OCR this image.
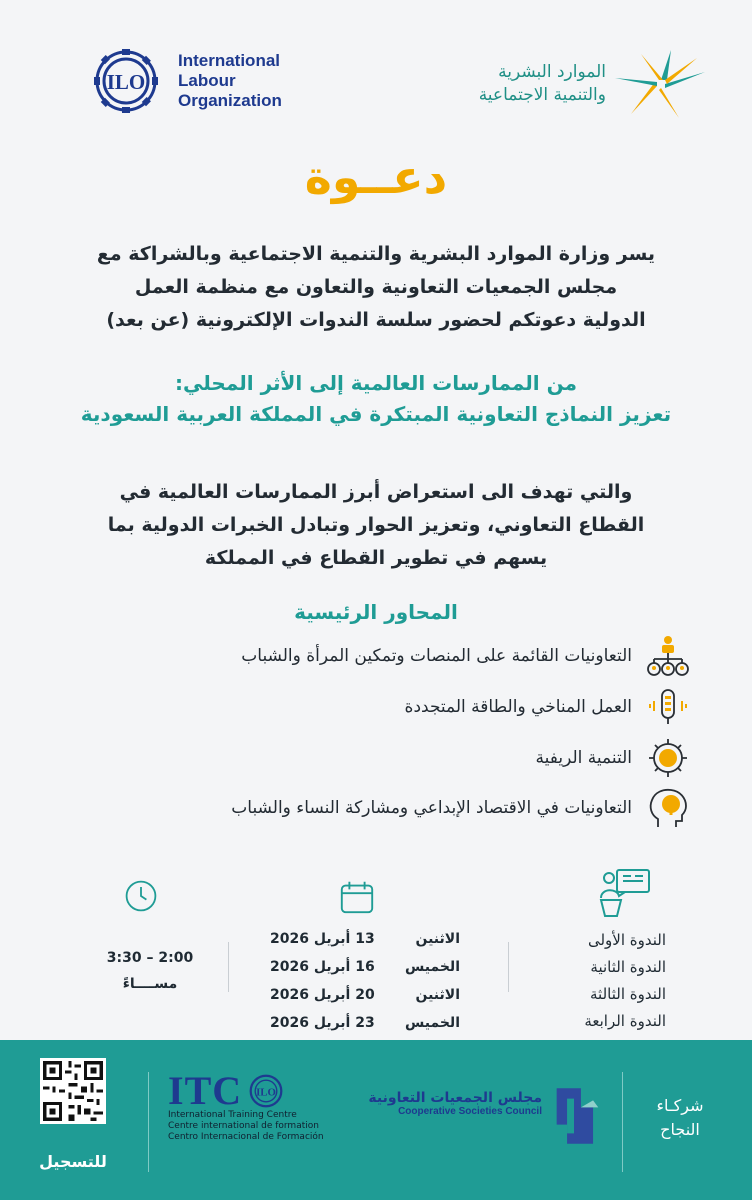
ILO
International
Labour
Organization
الموارد البشرية
والتنمية الاجتماعية
دعــوة
يسر وزارة الموارد البشرية والتنمية الاجتماعية وبالشراكة مع
مجلس الجمعيات التعاونية والتعاون مع منظمة العمل
الدولية دعوتكم لحضور سلسة الندوات الإلكترونية (عن بعد)
من الممارسات العالمية إلى الأثر المحلي:
تعزيز النماذج التعاونية المبتكرة في المملكة العربية السعودية
والتي تهدف الى استعراض أبرز الممارسات العالمية في
القطاع التعاوني، وتعزيز الحوار وتبادل الخبرات الدولية بما
يسهم في تطوير القطاع في المملكة
المحاور الرئيسية
التعاونيات القائمة على المنصات وتمكين المرأة والشباب
العمل المناخي والطاقة المتجددة
التنمية الريفية
التعاونيات في الاقتصاد الإبداعي ومشاركة النساء والشباب
الندوة الأولى
الندوة الثانية
الندوة الثالثة
الندوة الرابعة
الاثنين
13 أبريل 2026
الخميس
16 أبريل 2026
الاثنين
20 أبريل 2026
الخميس
23 أبريل 2026
3:30 – 2:00
مســــاءً
للتسجيل
ITC ILO
International Training Centre
Centre international de formation
Centro Internacional de Formación
مجلس الجمعيات التعاونية
Cooperative Societies Council	شركـاء
النجاح
